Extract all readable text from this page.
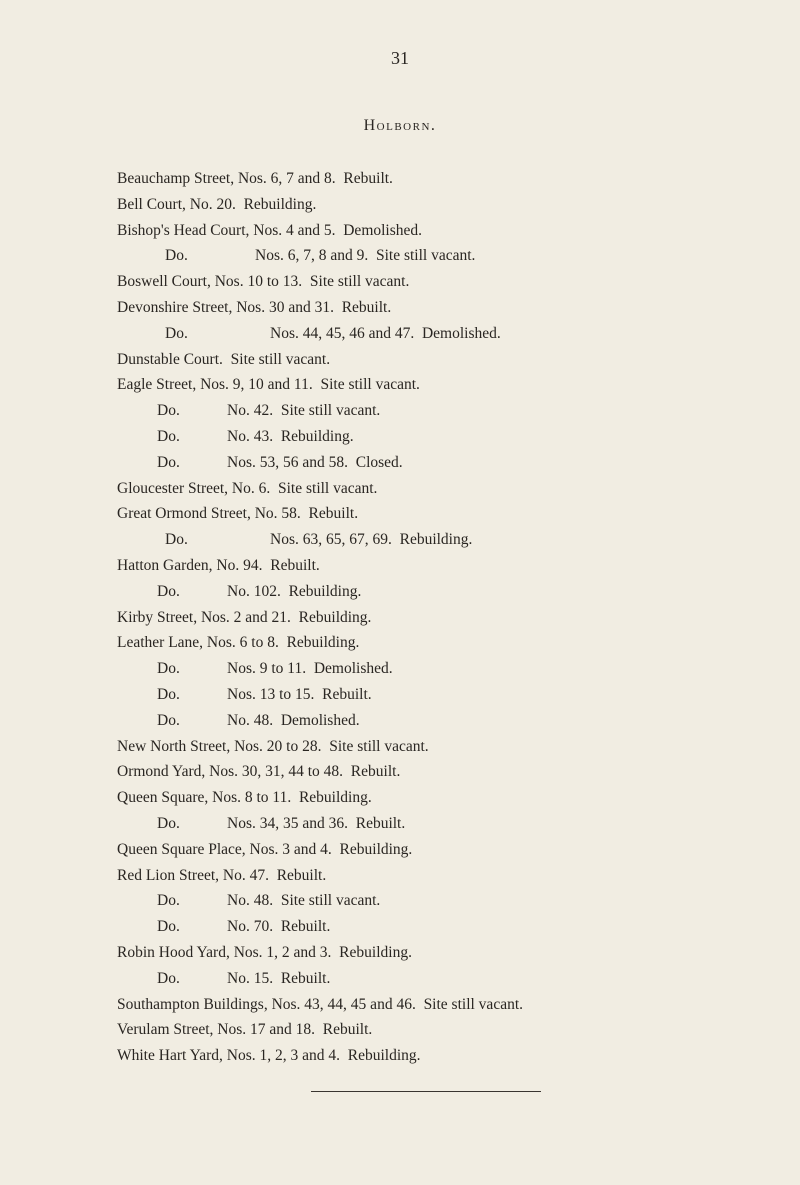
31
Holborn.
Beauchamp Street, Nos. 6, 7 and 8.  Rebuilt.
Bell Court, No. 20.  Rebuilding.
Bishop's Head Court, Nos. 4 and 5.  Demolished.
Do.	Nos. 6, 7, 8 and 9.  Site still vacant.
Boswell Court, Nos. 10 to 13.  Site still vacant.
Devonshire Street, Nos. 30 and 31.  Rebuilt.
Do.	Nos. 44, 45, 46 and 47.  Demolished.
Dunstable Court.  Site still vacant.
Eagle Street, Nos. 9, 10 and 11.  Site still vacant.
Do.	No. 42.  Site still vacant.
Do.	No. 43.  Rebuilding.
Do.	Nos. 53, 56 and 58.  Closed.
Gloucester Street, No. 6.  Site still vacant.
Great Ormond Street, No. 58.  Rebuilt.
Do.	Nos. 63, 65, 67, 69.  Rebuilding.
Hatton Garden, No. 94.  Rebuilt.
Do.	No. 102.  Rebuilding.
Kirby Street, Nos. 2 and 21.  Rebuilding.
Leather Lane, Nos. 6 to 8.  Rebuilding.
Do.	Nos. 9 to 11.  Demolished.
Do.	Nos. 13 to 15.  Rebuilt.
Do.	No. 48.  Demolished.
New North Street, Nos. 20 to 28.  Site still vacant.
Ormond Yard, Nos. 30, 31, 44 to 48.  Rebuilt.
Queen Square, Nos. 8 to 11.  Rebuilding.
Do.	Nos. 34, 35 and 36.  Rebuilt.
Queen Square Place, Nos. 3 and 4.  Rebuilding.
Red Lion Street, No. 47.  Rebuilt.
Do.	No. 48.  Site still vacant.
Do.	No. 70.  Rebuilt.
Robin Hood Yard, Nos. 1, 2 and 3.  Rebuilding.
Do.	No. 15.  Rebuilt.
Southampton Buildings, Nos. 43, 44, 45 and 46.  Site still vacant.
Verulam Street, Nos. 17 and 18.  Rebuilt.
White Hart Yard, Nos. 1, 2, 3 and 4.  Rebuilding.
